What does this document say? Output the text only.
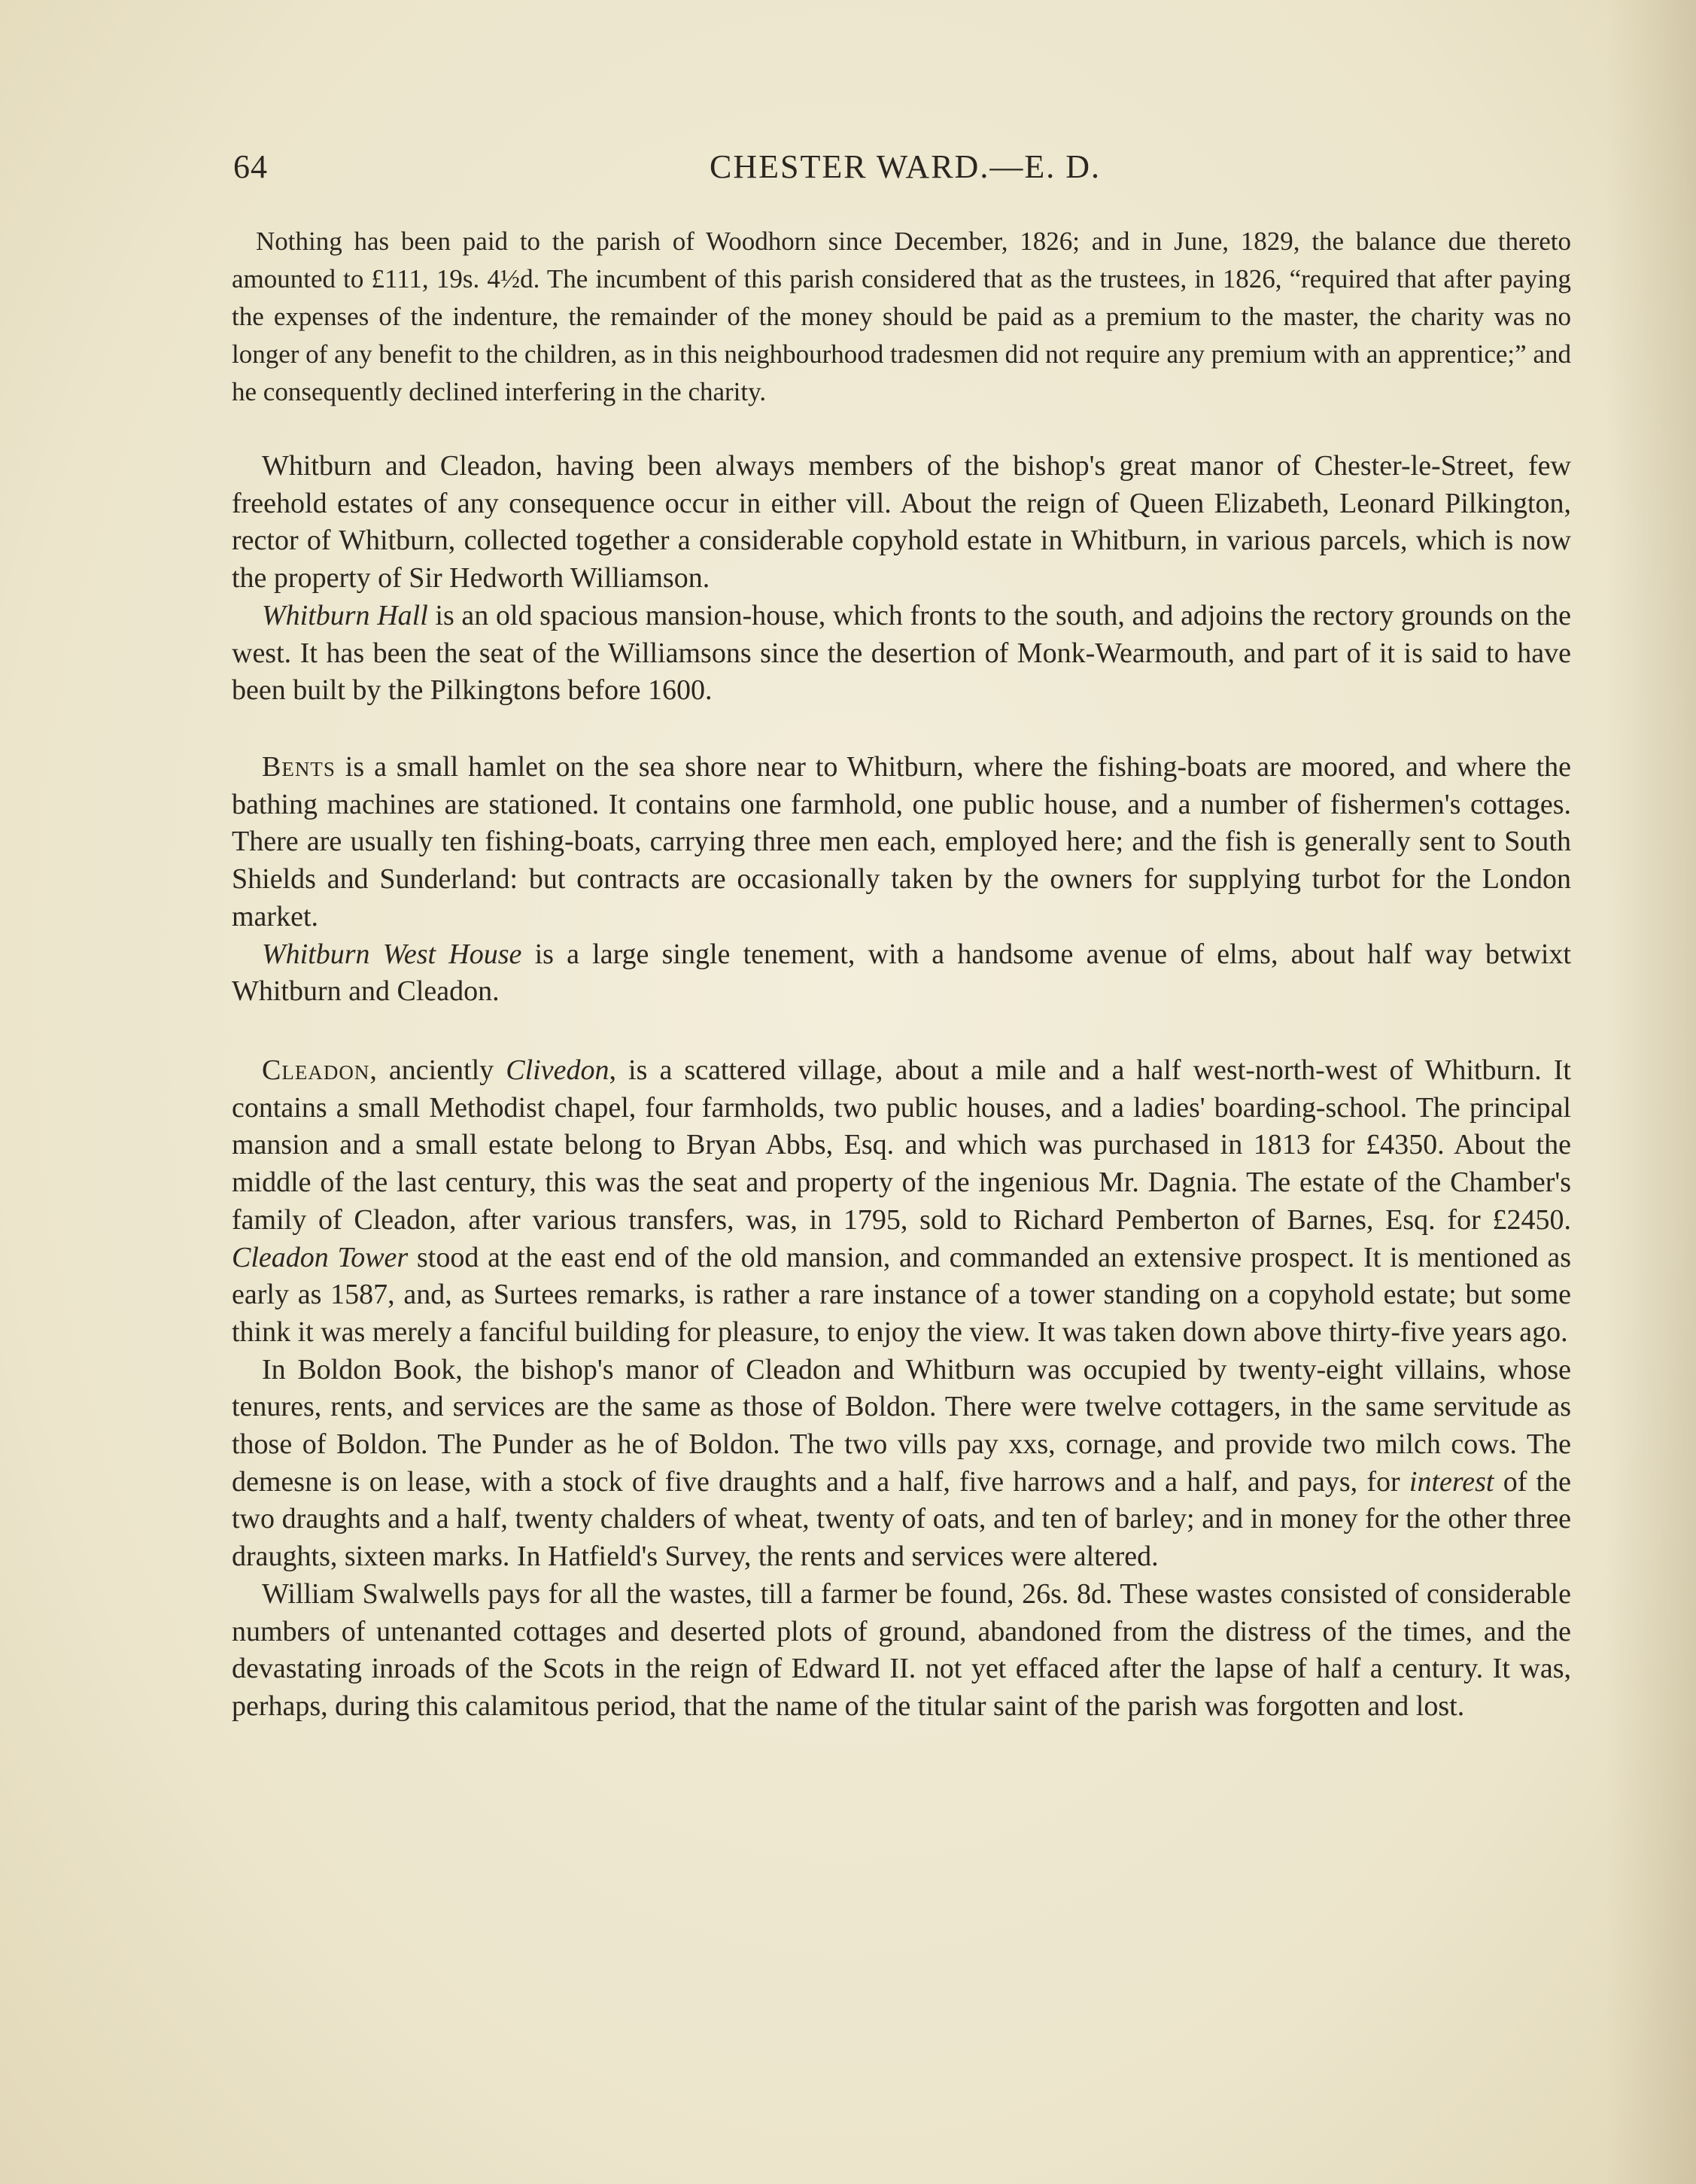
64	CHESTER WARD.—E. D.
Nothing has been paid to the parish of Woodhorn since December, 1826; and in June, 1829, the balance due thereto amounted to £111, 19s. 4½d. The incumbent of this parish considered that as the trustees, in 1826, “required that after paying the expenses of the indenture, the remainder of the money should be paid as a premium to the master, the charity was no longer of any benefit to the children, as in this neighbourhood tradesmen did not require any premium with an apprentice;” and he consequently declined interfering in the charity.

Whitburn and Cleadon, having been always members of the bishop's great manor of Chester-le-Street, few freehold estates of any consequence occur in either vill. About the reign of Queen Elizabeth, Leonard Pilkington, rector of Whitburn, collected together a considerable copyhold estate in Whitburn, in various parcels, which is now the property of Sir Hedworth Williamson.

Whitburn Hall is an old spacious mansion-house, which fronts to the south, and adjoins the rectory grounds on the west. It has been the seat of the Williamsons since the desertion of Monk-Wearmouth, and part of it is said to have been built by the Pilkingtons before 1600.

Bents is a small hamlet on the sea shore near to Whitburn, where the fishing-boats are moored, and where the bathing machines are stationed. It contains one farmhold, one public house, and a number of fishermen's cottages. There are usually ten fishing-boats, carrying three men each, employed here; and the fish is generally sent to South Shields and Sunderland: but contracts are occasionally taken by the owners for supplying turbot for the London market.

Whitburn West House is a large single tenement, with a handsome avenue of elms, about half way betwixt Whitburn and Cleadon.

Cleadon, anciently Clivedon, is a scattered village, about a mile and a half west-north-west of Whitburn. It contains a small Methodist chapel, four farmholds, two public houses, and a ladies' boarding-school. The principal mansion and a small estate belong to Bryan Abbs, Esq. and which was purchased in 1813 for £4350. About the middle of the last century, this was the seat and property of the ingenious Mr. Dagnia. The estate of the Chamber's family of Cleadon, after various transfers, was, in 1795, sold to Richard Pemberton of Barnes, Esq. for £2450. Cleadon Tower stood at the east end of the old mansion, and commanded an extensive prospect. It is mentioned as early as 1587, and, as Surtees remarks, is rather a rare instance of a tower standing on a copyhold estate; but some think it was merely a fanciful building for pleasure, to enjoy the view. It was taken down above thirty-five years ago.

In Boldon Book, the bishop's manor of Cleadon and Whitburn was occupied by twenty-eight villains, whose tenures, rents, and services are the same as those of Boldon. There were twelve cottagers, in the same servitude as those of Boldon. The Punder as he of Boldon. The two vills pay xxs, cornage, and provide two milch cows. The demesne is on lease, with a stock of five draughts and a half, five harrows and a half, and pays, for interest of the two draughts and a half, twenty chalders of wheat, twenty of oats, and ten of barley; and in money for the other three draughts, sixteen marks. In Hatfield's Survey, the rents and services were altered.

William Swalwells pays for all the wastes, till a farmer be found, 26s. 8d. These wastes consisted of considerable numbers of untenanted cottages and deserted plots of ground, abandoned from the distress of the times, and the devastating inroads of the Scots in the reign of Edward II. not yet effaced after the lapse of half a century. It was, perhaps, during this calamitous period, that the name of the titular saint of the parish was forgotten and lost.
